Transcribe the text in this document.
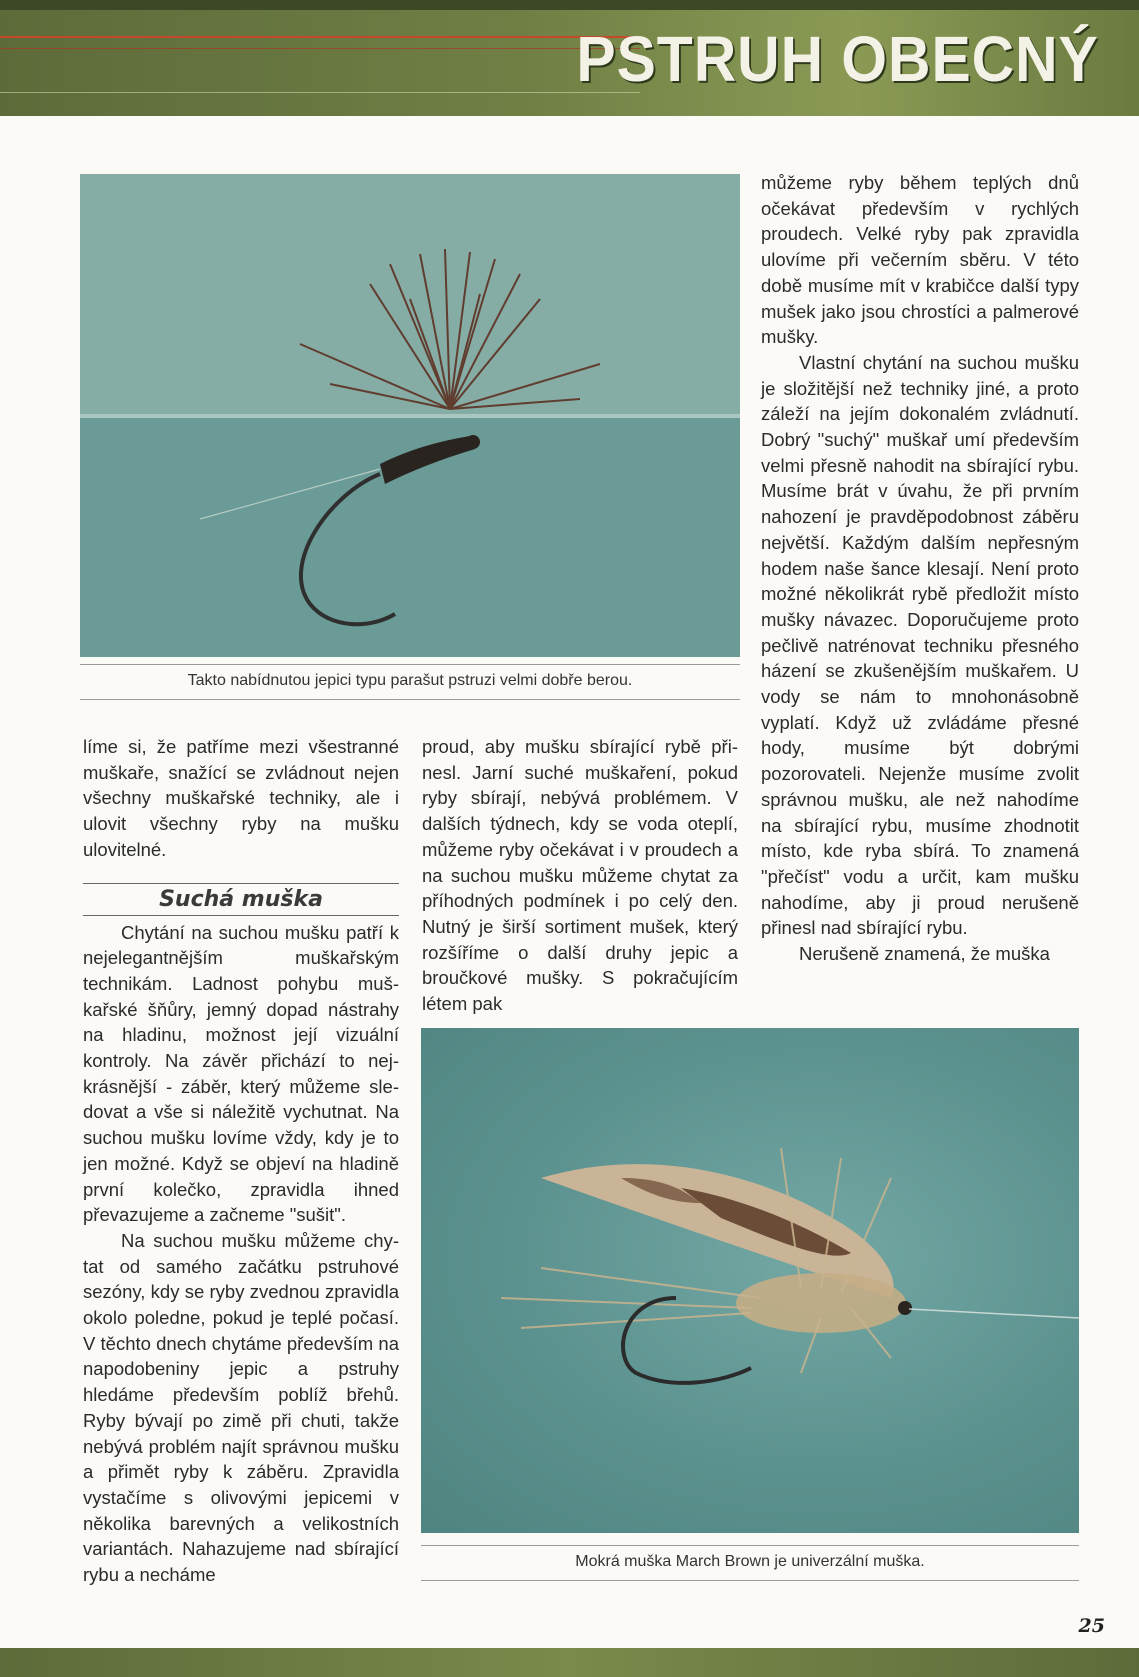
PSTRUH OBECNÝ
Takto nabídnutou jepici typu parašut pstruzi velmi dobře berou.

líme si, že patříme mezi všestranné muškaře, snažící se zvládnout nejen všechny muškařské techniky, ale i ulovit všechny ryby na mušku ulovitelné.

Suchá muška

Chytání na suchou mušku patří k nejelegantnějším muškařským technikám. Ladnost pohybu muškařské šňůry, jemný dopad nástrahy na hladinu, možnost její vizuální kontroly. Na závěr přichází to nejkrásnější - záběr, který můžeme sledovat a vše si náležitě vychutnat. Na suchou mušku lovíme vždy, kdy je to jen možné. Když se objeví na hladině první kolečko, zpravidla ihned převazujeme a začneme "sušit".

Na suchou mušku můžeme chytat od samého začátku pstruhové sezóny, kdy se ryby zvednou zpravidla okolo poledne, pokud je teplé počasí. V těchto dnech chytáme především na napodobeniny jepic a pstruhy hledáme především poblíž břehů. Ryby bývají po zimě při chuti, takže nebývá problém najít správnou mušku a přimět ryby k záběru. Zpravidla vystačíme s olivovými jepicemi v několika barevných a velikostních variantách. Nahazujeme nad sbírající rybu a necháme

proud, aby mušku sbírající rybě přinesl. Jarní suché muškaření, pokud ryby sbírají, nebývá problémem. V dalších týdnech, kdy se voda oteplí, můžeme ryby očekávat i v proudech a na suchou mušku můžeme chytat za příhodných podmínek i po celý den. Nutný je širší sortiment mušek, který rozšíříme o další druhy jepic a broučkové mušky. S pokračujícím létem pak

můžeme ryby během teplých dnů očekávat především v rychlých proudech. Velké ryby pak zpravidla ulovíme při večerním sběru. V této době musíme mít v krabičce další typy mušek jako jsou chrostíci a palmerové mušky.

Vlastní chytání na suchou mušku je složitější než techniky jiné, a proto záleží na jejím dokonalém zvládnutí. Dobrý "suchý" muškař umí především velmi přesně nahodit na sbírající rybu. Musíme brát v úvahu, že při prvním nahození je pravděpodobnost záběru největší. Každým dalším nepřesným hodem naše šance klesají. Není proto možné několikrát rybě předložit místo mušky návazec. Doporučujeme proto pečlivě natrénovat techniku přesného házení se zkušenějším muškařem. U vody se nám to mnohonásobně vyplatí. Když už zvládáme přesné hody, musíme být dobrými pozorovateli. Nejenže musíme zvolit správnou mušku, ale než nahodíme na sbírající rybu, musíme zhodnotit místo, kde ryba sbírá. To znamená "přečíst" vodu a určit, kam mušku nahodíme, aby ji proud nerušeně přinesl nad sbírající rybu.

Nerušeně znamená, že muška

Mokrá muška March Brown je univerzální muška.
25
